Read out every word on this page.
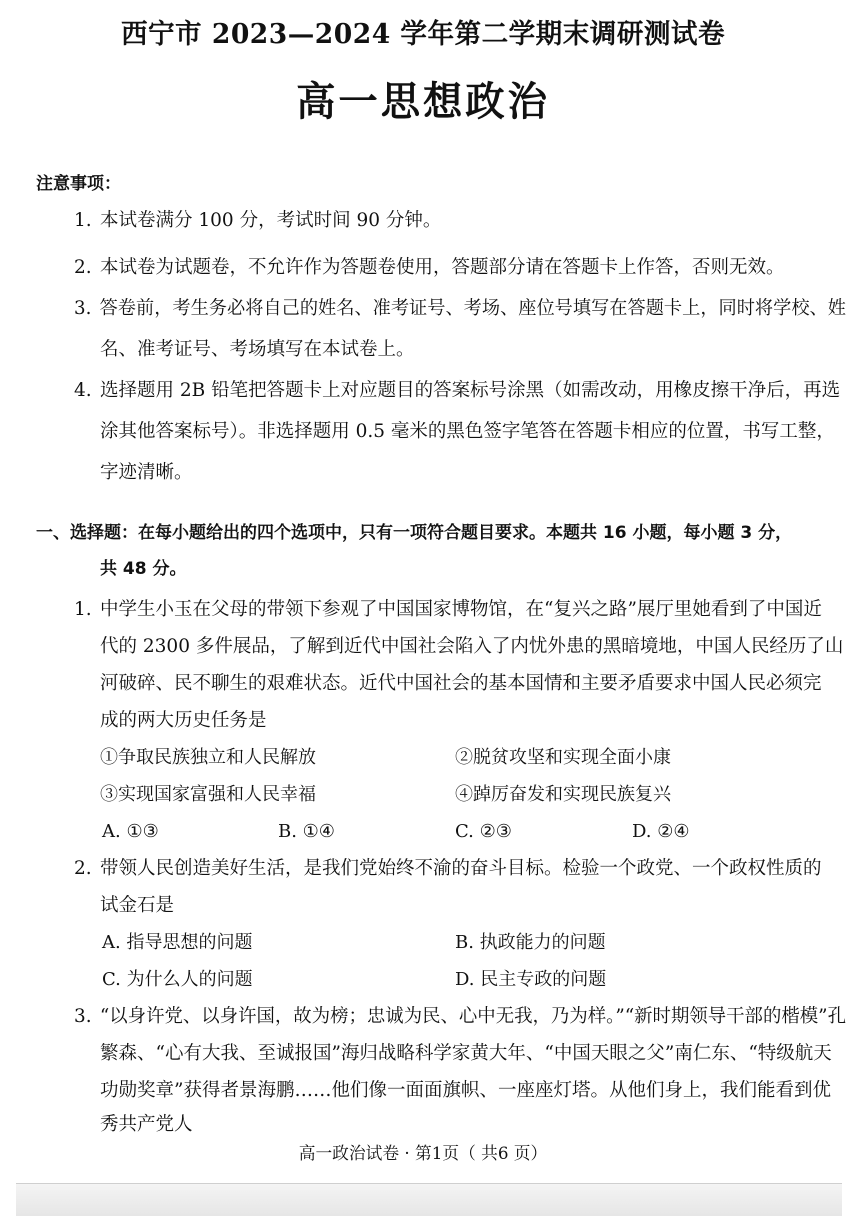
西宁市 2023—2024 学年第二学期末调研测试卷
高一思想政治
注意事项：
1. 本试卷满分 100 分，考试时间 90 分钟。
2. 本试卷为试题卷，不允许作为答题卷使用，答题部分请在答题卡上作答，否则无效。
3. 答卷前，考生务必将自己的姓名、准考证号、考场、座位号填写在答题卡上，同时将学校、姓
名、准考证号、考场填写在本试卷上。
4. 选择题用 2B 铅笔把答题卡上对应题目的答案标号涂黑（如需改动，用橡皮擦干净后，再选
涂其他答案标号）。非选择题用 0.5 毫米的黑色签字笔答在答题卡相应的位置，书写工整，
字迹清晰。
一、选择题：在每小题给出的四个选项中，只有一项符合题目要求。本题共 16 小题，每小题 3 分，
共 48 分。
1. 中学生小玉在父母的带领下参观了中国国家博物馆，在“复兴之路”展厅里她看到了中国近
代的 2300 多件展品，了解到近代中国社会陷入了内忧外患的黑暗境地，中国人民经历了山
河破碎、民不聊生的艰难状态。近代中国社会的基本国情和主要矛盾要求中国人民必须完
成的两大历史任务是
①争取民族独立和人民解放	②脱贫攻坚和实现全面小康
③实现国家富强和人民幸福	④踔厉奋发和实现民族复兴
A. ①③	B. ①④	C. ②③	D. ②④
2. 带领人民创造美好生活，是我们党始终不渝的奋斗目标。检验一个政党、一个政权性质的
试金石是
A. 指导思想的问题	B. 执政能力的问题
C. 为什么人的问题	D. 民主专政的问题
3. “以身许党、以身许国，故为榜；忠诚为民、心中无我，乃为样。”“新时期领导干部的楷模”孔
繁森、“心有大我、至诚报国”海归战略科学家黄大年、“中国天眼之父”南仁东、“特级航天
功勋奖章”获得者景海鹏……他们像一面面旗帜、一座座灯塔。从他们身上，我们能看到优
秀共产党人
高一政治试卷 · 第1页（ 共6 页）
